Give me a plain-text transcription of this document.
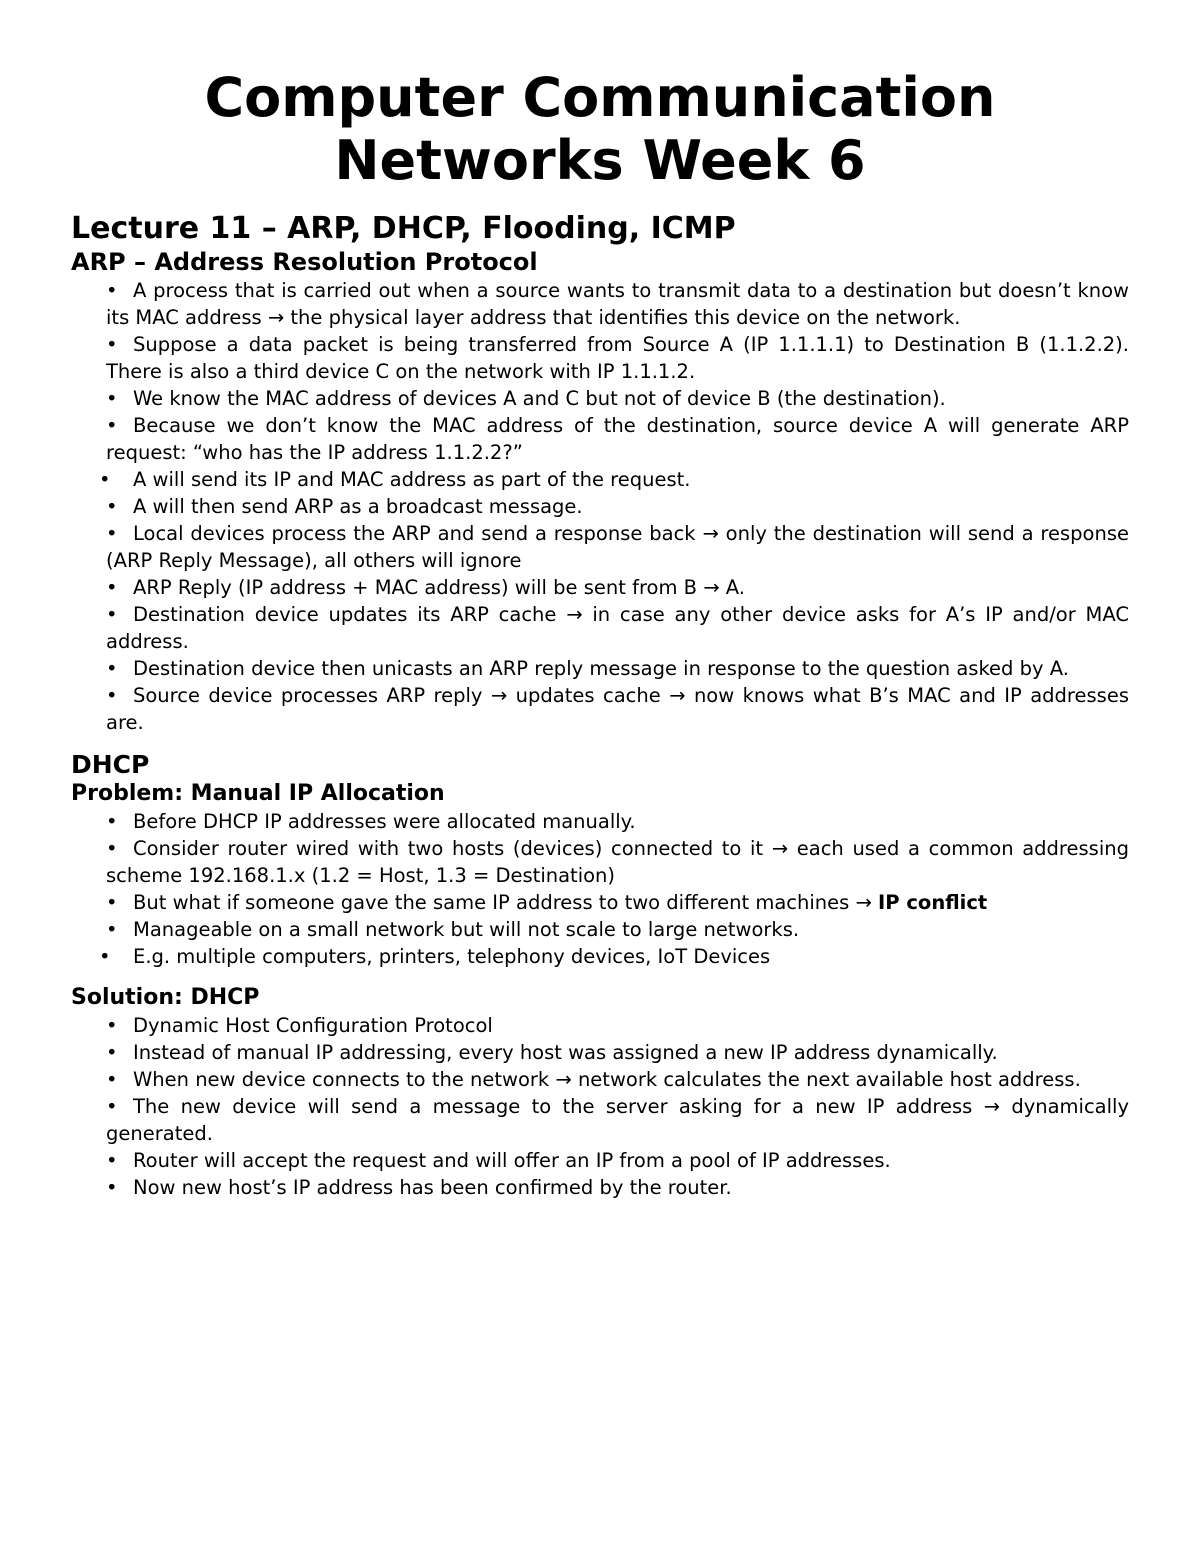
Computer Communication
Networks Week 6
Lecture 11 – ARP, DHCP, Flooding, ICMP
ARP – Address Resolution Protocol
• A process that is carried out when a source wants to transmit data to a destination but doesn’t know its MAC address → the physical layer address that identifies this device on the network.
• Suppose a data packet is being transferred from Source A (IP 1.1.1.1) to Destination B (1.1.2.2). There is also a third device C on the network with IP 1.1.1.2.
• We know the MAC address of devices A and C but not of device B (the destination).
• Because we don’t know the MAC address of the destination, source device A will generate ARP request: “who has the IP address 1.1.2.2?”
• A will send its IP and MAC address as part of the request.
• A will then send ARP as a broadcast message.
• Local devices process the ARP and send a response back → only the destination will send a response (ARP Reply Message), all others will ignore
• ARP Reply (IP address + MAC address) will be sent from B → A.
• Destination device updates its ARP cache → in case any other device asks for A’s IP and/or MAC address.
• Destination device then unicasts an ARP reply message in response to the question asked by A.
• Source device processes ARP reply → updates cache → now knows what B’s MAC and IP addresses are.
DHCP
Problem: Manual IP Allocation
• Before DHCP IP addresses were allocated manually.
• Consider router wired with two hosts (devices) connected to it → each used a common addressing scheme 192.168.1.x (1.2 = Host, 1.3 = Destination)
• But what if someone gave the same IP address to two different machines → IP conflict
• Manageable on a small network but will not scale to large networks.
• E.g. multiple computers, printers, telephony devices, IoT Devices
Solution: DHCP
• Dynamic Host Configuration Protocol
• Instead of manual IP addressing, every host was assigned a new IP address dynamically.
• When new device connects to the network → network calculates the next available host address.
• The new device will send a message to the server asking for a new IP address → dynamically generated.
• Router will accept the request and will offer an IP from a pool of IP addresses.
• Now new host’s IP address has been confirmed by the router.
